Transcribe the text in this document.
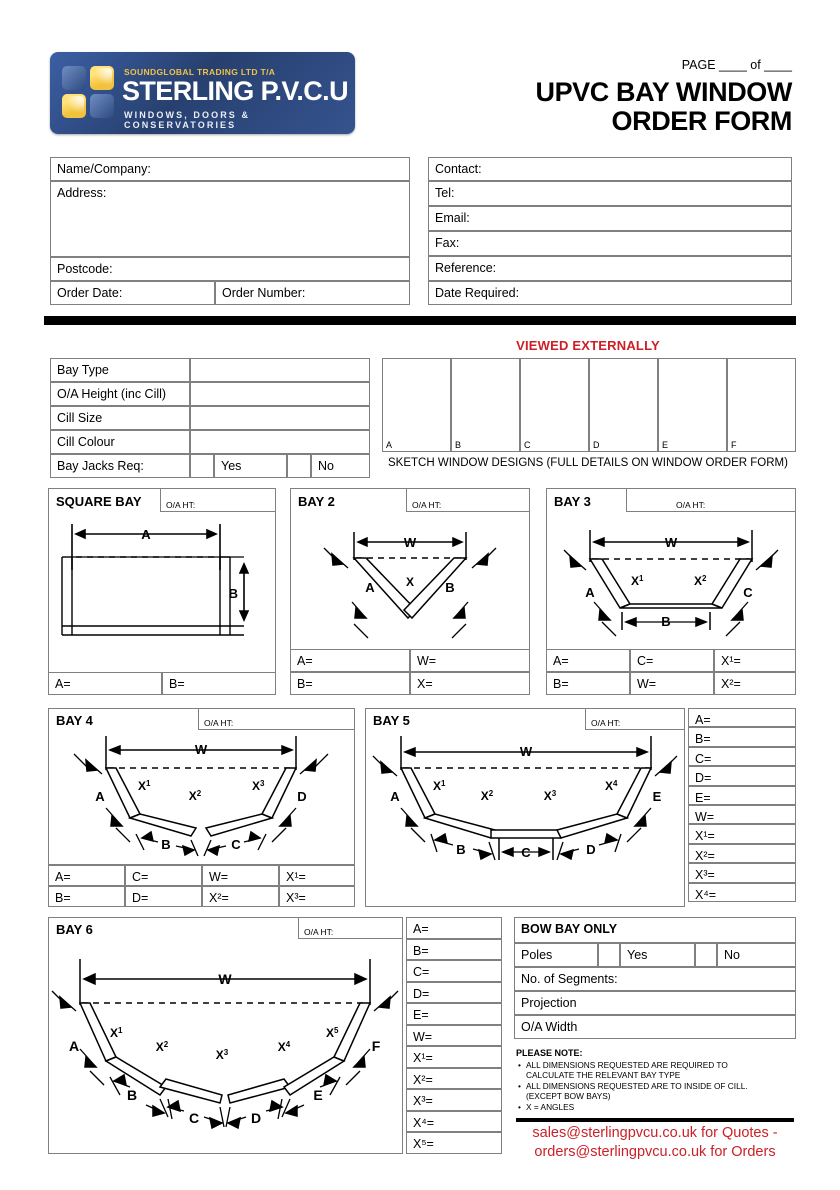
SOUNDGLOBAL TRADING LTD T/A
STERLING P.V.C.U
WINDOWS, DOORS & CONSERVATORIES
PAGE ____ of ____
UPVC BAY WINDOW
ORDER FORM
Name/Company:
Address:
Postcode:
Order Date:	Order Number:
Contact:
Tel:
Email:
Fax:
Reference:
Date Required:
Bay Type
O/A Height (inc Cill)
Cill Size
Cill Colour
Bay Jacks Req:	Yes	No
VIEWED EXTERNALLY
A	B	C	D	E	F
SKETCH WINDOW DESIGNS (FULL DETAILS ON WINDOW ORDER FORM)
SQUARE BAY	O/A HT:
A
B
A=	B=
BAY 2	O/A HT:
W
X
A	B
A=	W=
B=	X=
BAY 3	O/A HT:
W
$X^1$	$X^2$
A
B
C
A=	C=	X¹=
B=	W=	X²=
BAY 4	O/A HT:
W
$X^1$
$X^2$
$X^3$
A
B	C
D
A=	C=	W=	X¹=
B=	D=	X²=	X³=
BAY 5	O/A HT:
W
$X^1$
$X^2$	$X^3$
$X^4$
A
B	C	D
E
A=
B=
C=
D=
E=
W=
X¹=
X²=
X³=
X⁴=
BAY 6	O/A HT:
W
$X^1$
$X^2$
$X^3$	$X^4$
$X^5$
A
B
C	D
E
F
A=
B=
C=
D=
E=
W=
X¹=
X²=
X³=
X⁴=
X⁵=
BOW BAY ONLY
Poles	Yes	No
No. of Segments:
Projection
O/A Width
PLEASE NOTE:
• ALL DIMENSIONS REQUESTED ARE REQUIRED TO
CALCULATE THE RELEVANT BAY TYPE
• ALL DIMENSIONS REQUESTED ARE TO INSIDE OF CILL.
(EXCEPT BOW BAYS)
• X = ANGLES
sales@sterlingpvcu.co.uk for Quotes -
orders@sterlingpvcu.co.uk for Orders
